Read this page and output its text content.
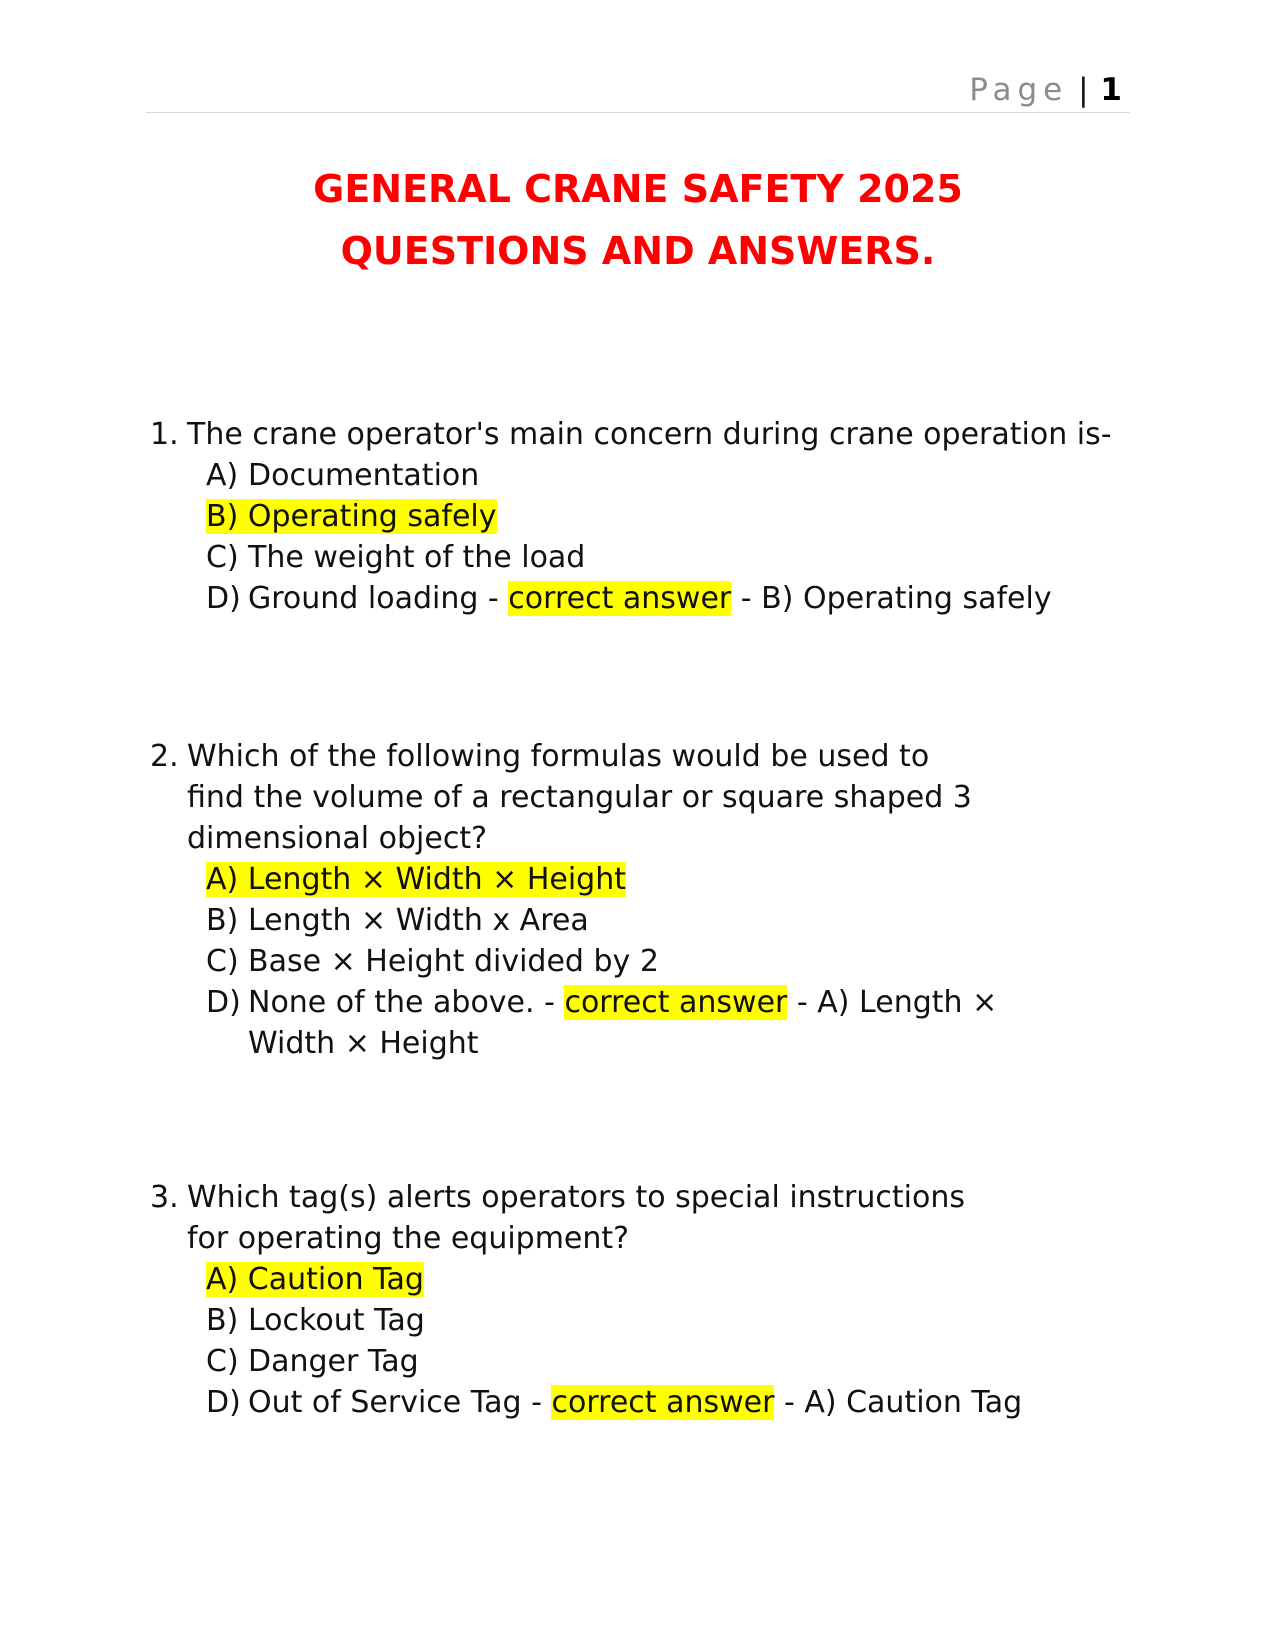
Page | 1
GENERAL CRANE SAFETY 2025
QUESTIONS AND ANSWERS.
1. The crane operator's main concern during crane operation is-
A) Documentation
B) Operating safely
C) The weight of the load
D) Ground loading - correct answer - B) Operating safely
2. Which of the following formulas would be used to find the volume of a rectangular or square shaped 3 dimensional object?
A) Length × Width × Height
B) Length × Width x Area
C) Base × Height divided by 2
D) None of the above. - correct answer - A) Length × Width × Height
3. Which tag(s) alerts operators to special instructions for operating the equipment?
A) Caution Tag
B) Lockout Tag
C) Danger Tag
D) Out of Service Tag - correct answer - A) Caution Tag
